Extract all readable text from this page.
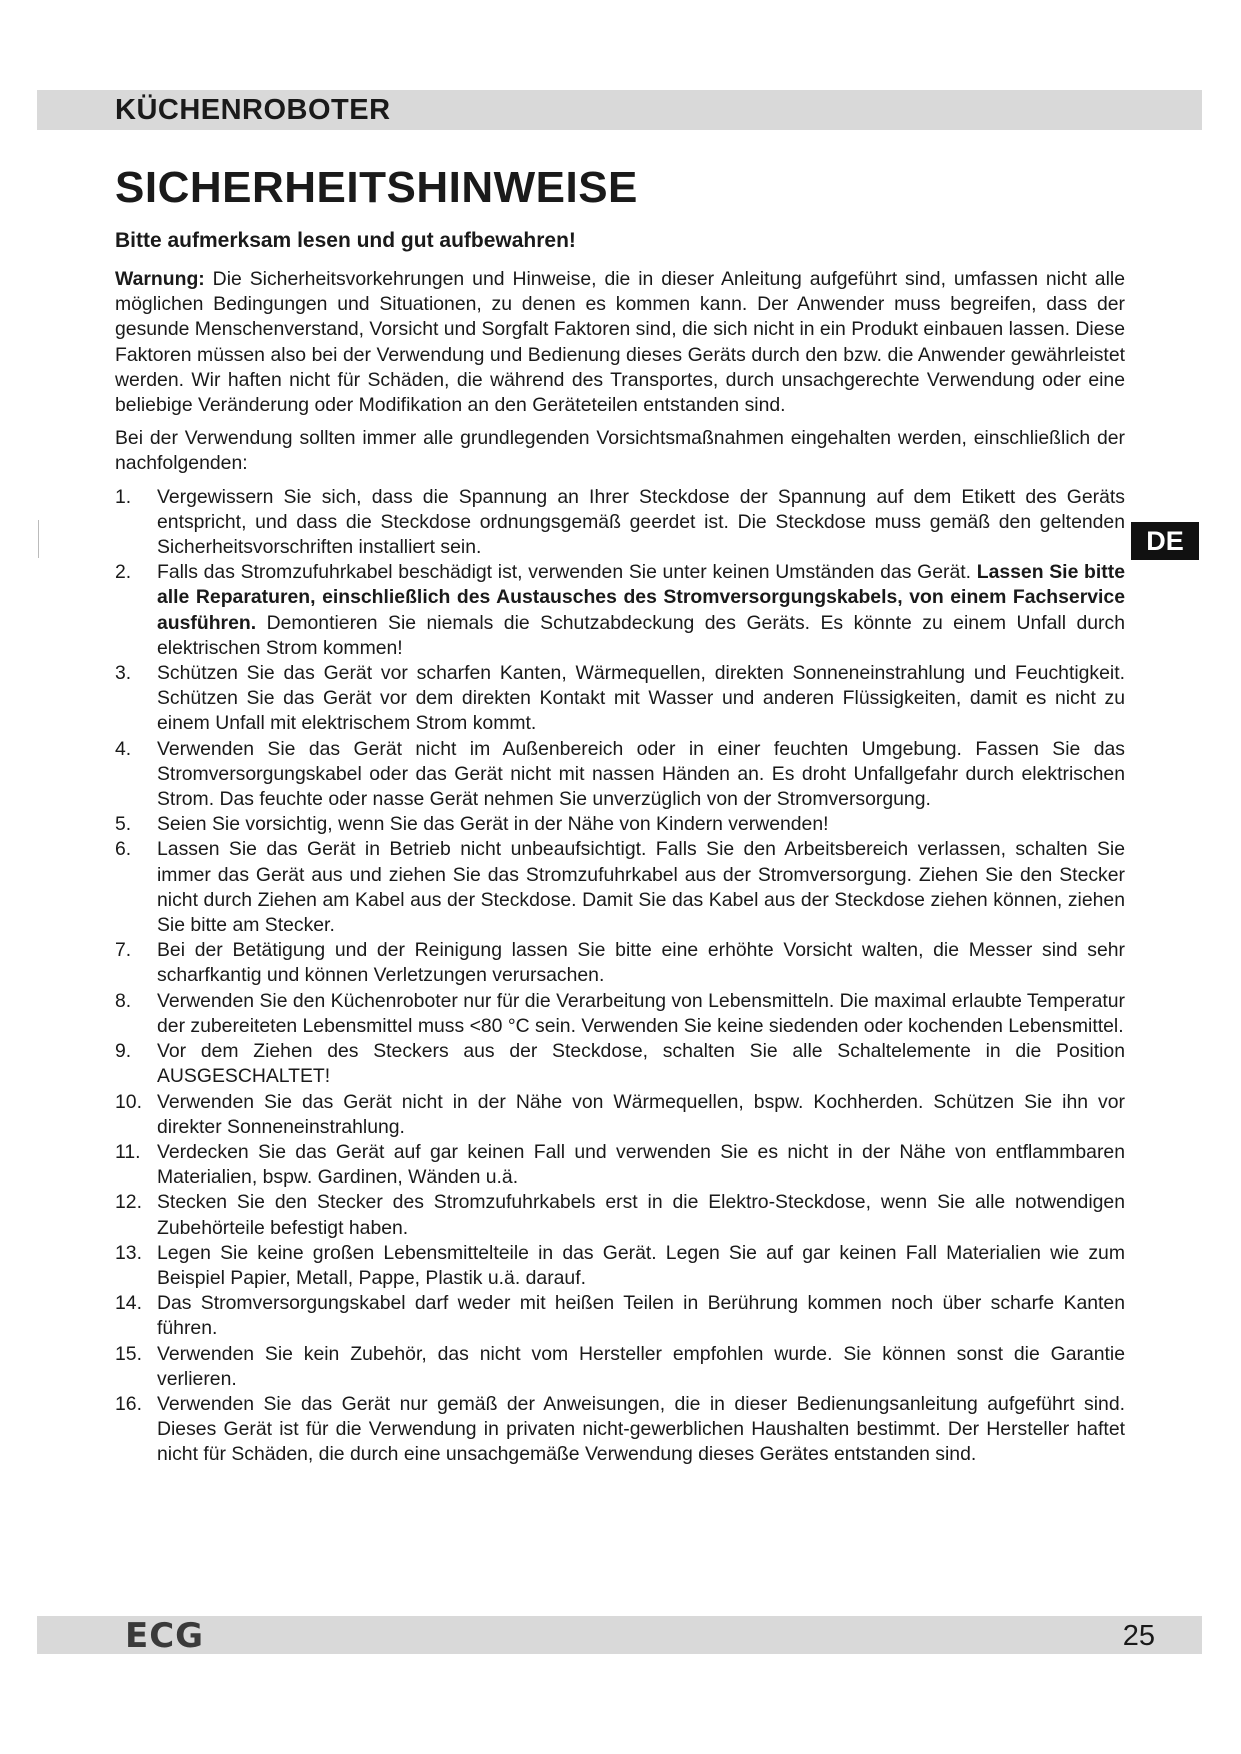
KÜCHENROBOTER
SICHERHEITSHINWEISE
Bitte aufmerksam lesen und gut aufbewahren!

Warnung: Die Sicherheitsvorkehrungen und Hinweise, die in dieser Anleitung aufgeführt sind, umfassen nicht alle möglichen Bedingungen und Situationen, zu denen es kommen kann. Der Anwender muss begreifen, dass der gesunde Menschenverstand, Vorsicht und Sorgfalt Faktoren sind, die sich nicht in ein Produkt einbauen lassen. Diese Faktoren müssen also bei der Verwendung und Bedienung dieses Geräts durch den bzw. die Anwender gewährleistet werden. Wir haften nicht für Schäden, die während des Transportes, durch unsachgerechte Verwendung oder eine beliebige Veränderung oder Modifikation an den Geräteteilen entstanden sind.

Bei der Verwendung sollten immer alle grundlegenden Vorsichtsmaßnahmen eingehalten werden, einschließlich der nachfolgenden:

1. Vergewissern Sie sich, dass die Spannung an Ihrer Steckdose der Spannung auf dem Etikett des Geräts entspricht, und dass die Steckdose ordnungsgemäß geerdet ist. Die Steckdose muss gemäß den geltenden Sicherheitsvorschriften installiert sein.
2. Falls das Stromzufuhrkabel beschädigt ist, verwenden Sie unter keinen Umständen das Gerät. Lassen Sie bitte alle Reparaturen, einschließlich des Austausches des Stromversorgungskabels, von einem Fachservice ausführen. Demontieren Sie niemals die Schutzabdeckung des Geräts. Es könnte zu einem Unfall durch elektrischen Strom kommen!
3. Schützen Sie das Gerät vor scharfen Kanten, Wärmequellen, direkten Sonneneinstrahlung und Feuchtigkeit. Schützen Sie das Gerät vor dem direkten Kontakt mit Wasser und anderen Flüssigkeiten, damit es nicht zu einem Unfall mit elektrischem Strom kommt.
4. Verwenden Sie das Gerät nicht im Außenbereich oder in einer feuchten Umgebung. Fassen Sie das Stromversorgungskabel oder das Gerät nicht mit nassen Händen an. Es droht Unfallgefahr durch elektrischen Strom. Das feuchte oder nasse Gerät nehmen Sie unverzüglich von der Stromversorgung.
5. Seien Sie vorsichtig, wenn Sie das Gerät in der Nähe von Kindern verwenden!
6. Lassen Sie das Gerät in Betrieb nicht unbeaufsichtigt. Falls Sie den Arbeitsbereich verlassen, schalten Sie immer das Gerät aus und ziehen Sie das Stromzufuhrkabel aus der Stromversorgung. Ziehen Sie den Stecker nicht durch Ziehen am Kabel aus der Steckdose. Damit Sie das Kabel aus der Steckdose ziehen können, ziehen Sie bitte am Stecker.
7. Bei der Betätigung und der Reinigung lassen Sie bitte eine erhöhte Vorsicht walten, die Messer sind sehr scharfkantig und können Verletzungen verursachen.
8. Verwenden Sie den Küchenroboter nur für die Verarbeitung von Lebensmitteln. Die maximal erlaubte Temperatur der zubereiteten Lebensmittel muss <80 °C sein. Verwenden Sie keine siedenden oder kochenden Lebensmittel.
9. Vor dem Ziehen des Steckers aus der Steckdose, schalten Sie alle Schaltelemente in die Position AUSGESCHALTET!
10. Verwenden Sie das Gerät nicht in der Nähe von Wärmequellen, bspw. Kochherden. Schützen Sie ihn vor direkter Sonneneinstrahlung.
11. Verdecken Sie das Gerät auf gar keinen Fall und verwenden Sie es nicht in der Nähe von entflammbaren Materialien, bspw. Gardinen, Wänden u.ä.
12. Stecken Sie den Stecker des Stromzufuhrkabels erst in die Elektro-Steckdose, wenn Sie alle notwendigen Zubehörteile befestigt haben.
13. Legen Sie keine großen Lebensmittelteile in das Gerät. Legen Sie auf gar keinen Fall Materialien wie zum Beispiel Papier, Metall, Pappe, Plastik u.ä. darauf.
14. Das Stromversorgungskabel darf weder mit heißen Teilen in Berührung kommen noch über scharfe Kanten führen.
15. Verwenden Sie kein Zubehör, das nicht vom Hersteller empfohlen wurde. Sie können sonst die Garantie verlieren.
16. Verwenden Sie das Gerät nur gemäß der Anweisungen, die in dieser Bedienungsanleitung aufgeführt sind. Dieses Gerät ist für die Verwendung in privaten nicht-gewerblichen Haushalten bestimmt. Der Hersteller haftet nicht für Schäden, die durch eine unsachgemäße Verwendung dieses Gerätes entstanden sind.
DE
ECG	25
